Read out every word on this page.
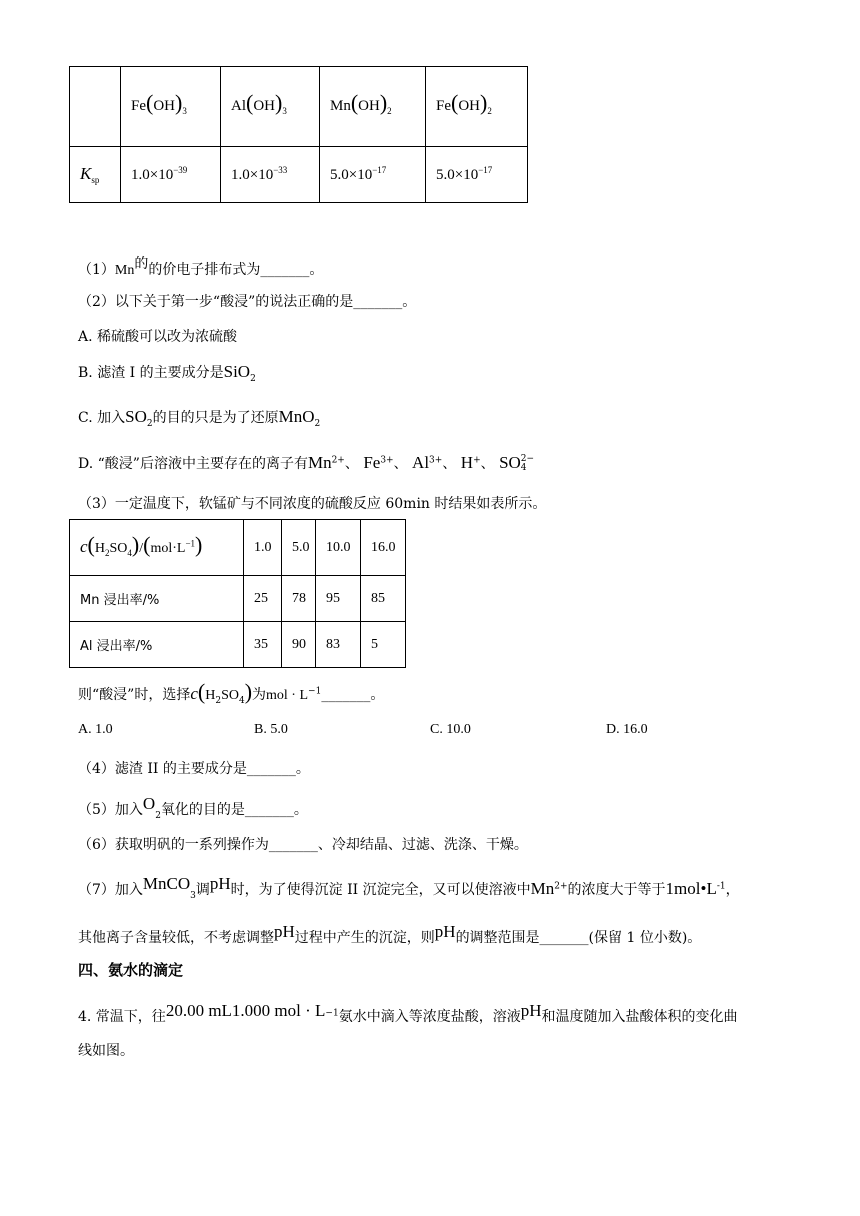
	$Fe(OH)_3$	$Al(OH)_3$	$Mn(OH)_2$	$Fe(OH)_2$
$K_{sp}$	$1.0\times 10^{-39}$	$1.0\times 10^{-33}$	$5.0\times 10^{-17}$	$5.0\times 10^{-17}$
$(1)Mn^的$的价电子排布式为_______。
（2）以下关于第一步“酸浸”的说法正确的是_______。
A. 稀硫酸可以改为浓硫酸
B. 滤渣 I 的主要成分是SiO$_2$
C. 加入$SO_2$的目的只是为了还原MnO$_2$
D. “酸浸”后溶液中主要存在的离子有$Mn^{2+}$、 $Fe^{3+}$、 $Al^{3+}$、 H+、 SO 2−
4
（3）一定温度下，软锰矿与不同浓度的硫酸反应 60min 时结果如表所示。
$c(H_2SO_4)/(mol\cdot L^{-1})$	1.0	5.0	10.0	16.0
Mn 浸出率/%	25	78	95	85
Al 浸出率/%	35	90	83	5
则“酸浸”时，选择$c(H_2SO_4)$为mol · $L^{-1}\_\_\_\_\_\_\_$。
A. 1.0	B. 5.0	C. 10.0	D. 16.0
（4）滤渣 II 的主要成分是_______。
（5）加入$O_2$氧化的目的是_______。
（6）获取明矾的一系列操作为_______、冷却结晶、过滤、洗涤、干燥。
（7）加入MnCO$_3$调pH时，为了使得沉淀 II 沉淀完全，又可以使溶液中$Mn^{2+}$的浓度大于等于$1mol•L^{-1}$，
其他离子含量较低，不考虑调整pH过程中产生的沉淀，则pH的调整范围是_______(保留 1 位小数)。
四、氨水的滴定
4. 常温下，往20.00 mL1.000 mol · $L^{-1}$氨水中滴入等浓度盐酸，溶液pH和温度随加入盐酸体积的变化曲
线如图。
